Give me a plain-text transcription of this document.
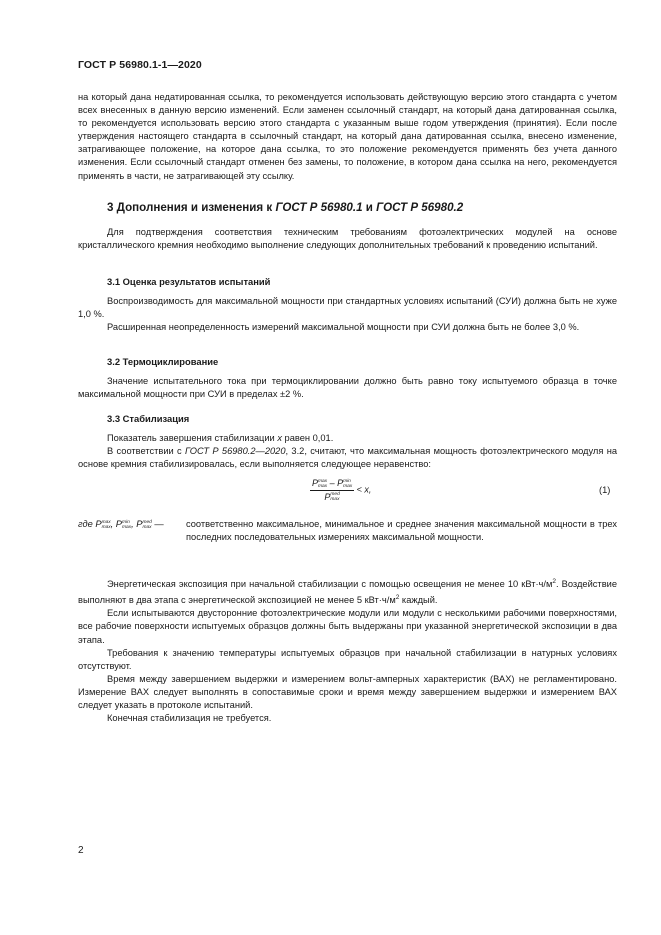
ГОСТ Р 56980.1-1—2020

на который дана недатированная ссылка, то рекомендуется использовать действующую версию этого стандарта с учетом всех внесенных в данную версию изменений. Если заменен ссылочный стандарт, на который дана датированная ссылка, то рекомендуется использовать версию этого стандарта с указанным выше годом утверждения (принятия). Если после утверждения настоящего стандарта в ссылочный стандарт, на который дана датированная ссылка, внесено изменение, затрагивающее положение, на которое дана ссылка, то это положение рекомендуется применять без учета данного изменения. Если ссылочный стандарт отменен без замены, то положение, в котором дана ссылка на него, рекомендуется применять в части, не затрагивающей эту ссылку.

3 Дополнения и изменения к ГОСТ Р 56980.1 и ГОСТ Р 56980.2

Для подтверждения соответствия техническим требованиям фотоэлектрических модулей на основе кристаллического кремния необходимо выполнение следующих дополнительных требований к проведению испытаний.

3.1 Оценка результатов испытаний

Воспроизводимость для максимальной мощности при стандартных условиях испытаний (СУИ) должна быть не хуже 1,0 %.

Расширенная неопределенность измерений максимальной мощности при СУИ должна быть не более 3,0 %.

3.2 Термоциклирование

Значение испытательного тока при термоциклировании должно быть равно току испытуемого образца в точке максимальной мощности при СУИ в пределах ±2 %.

3.3 Стабилизация

Показатель завершения стабилизации x равен 0,01.

В соответствии с ГОСТ Р 56980.2—2020, 3.2, считают, что максимальная мощность фотоэлектрического модуля на основе кремния стабилизировалась, если выполняется следующее неравенство:

Pmax
max – Pmin
max
Pmed
max
< x,	(1)
где Pmax
max, Pmin
max, Pmed
max — соответственно максимальное, минимальное и среднее значения максимальной мощности в трех последних последовательных измерениях максимальной мощности.

Энергетическая экспозиция при начальной стабилизации с помощью освещения не менее 10 $кВт\cdot ч/м^2$. Воздействие выполняют в два этапа с энергетической экспозицией не менее 5 $кВт\cdot ч/м^2$ каждый.

Если испытываются двусторонние фотоэлектрические модули или модули с несколькими рабочими поверхностями, все рабочие поверхности испытуемых образцов должны быть выдержаны при указанной энергетической экспозиции в два этапа.

Требования к значению температуры испытуемых образцов при начальной стабилизации в натурных условиях отсутствуют.

Время между завершением выдержки и измерением вольт-амперных характеристик (ВАХ) не регламентировано. Измерение ВАХ следует выполнять в сопоставимые сроки и время между завершением выдержки и измерением ВАХ следует указать в протоколе испытаний.

Конечная стабилизация не требуется.

2
